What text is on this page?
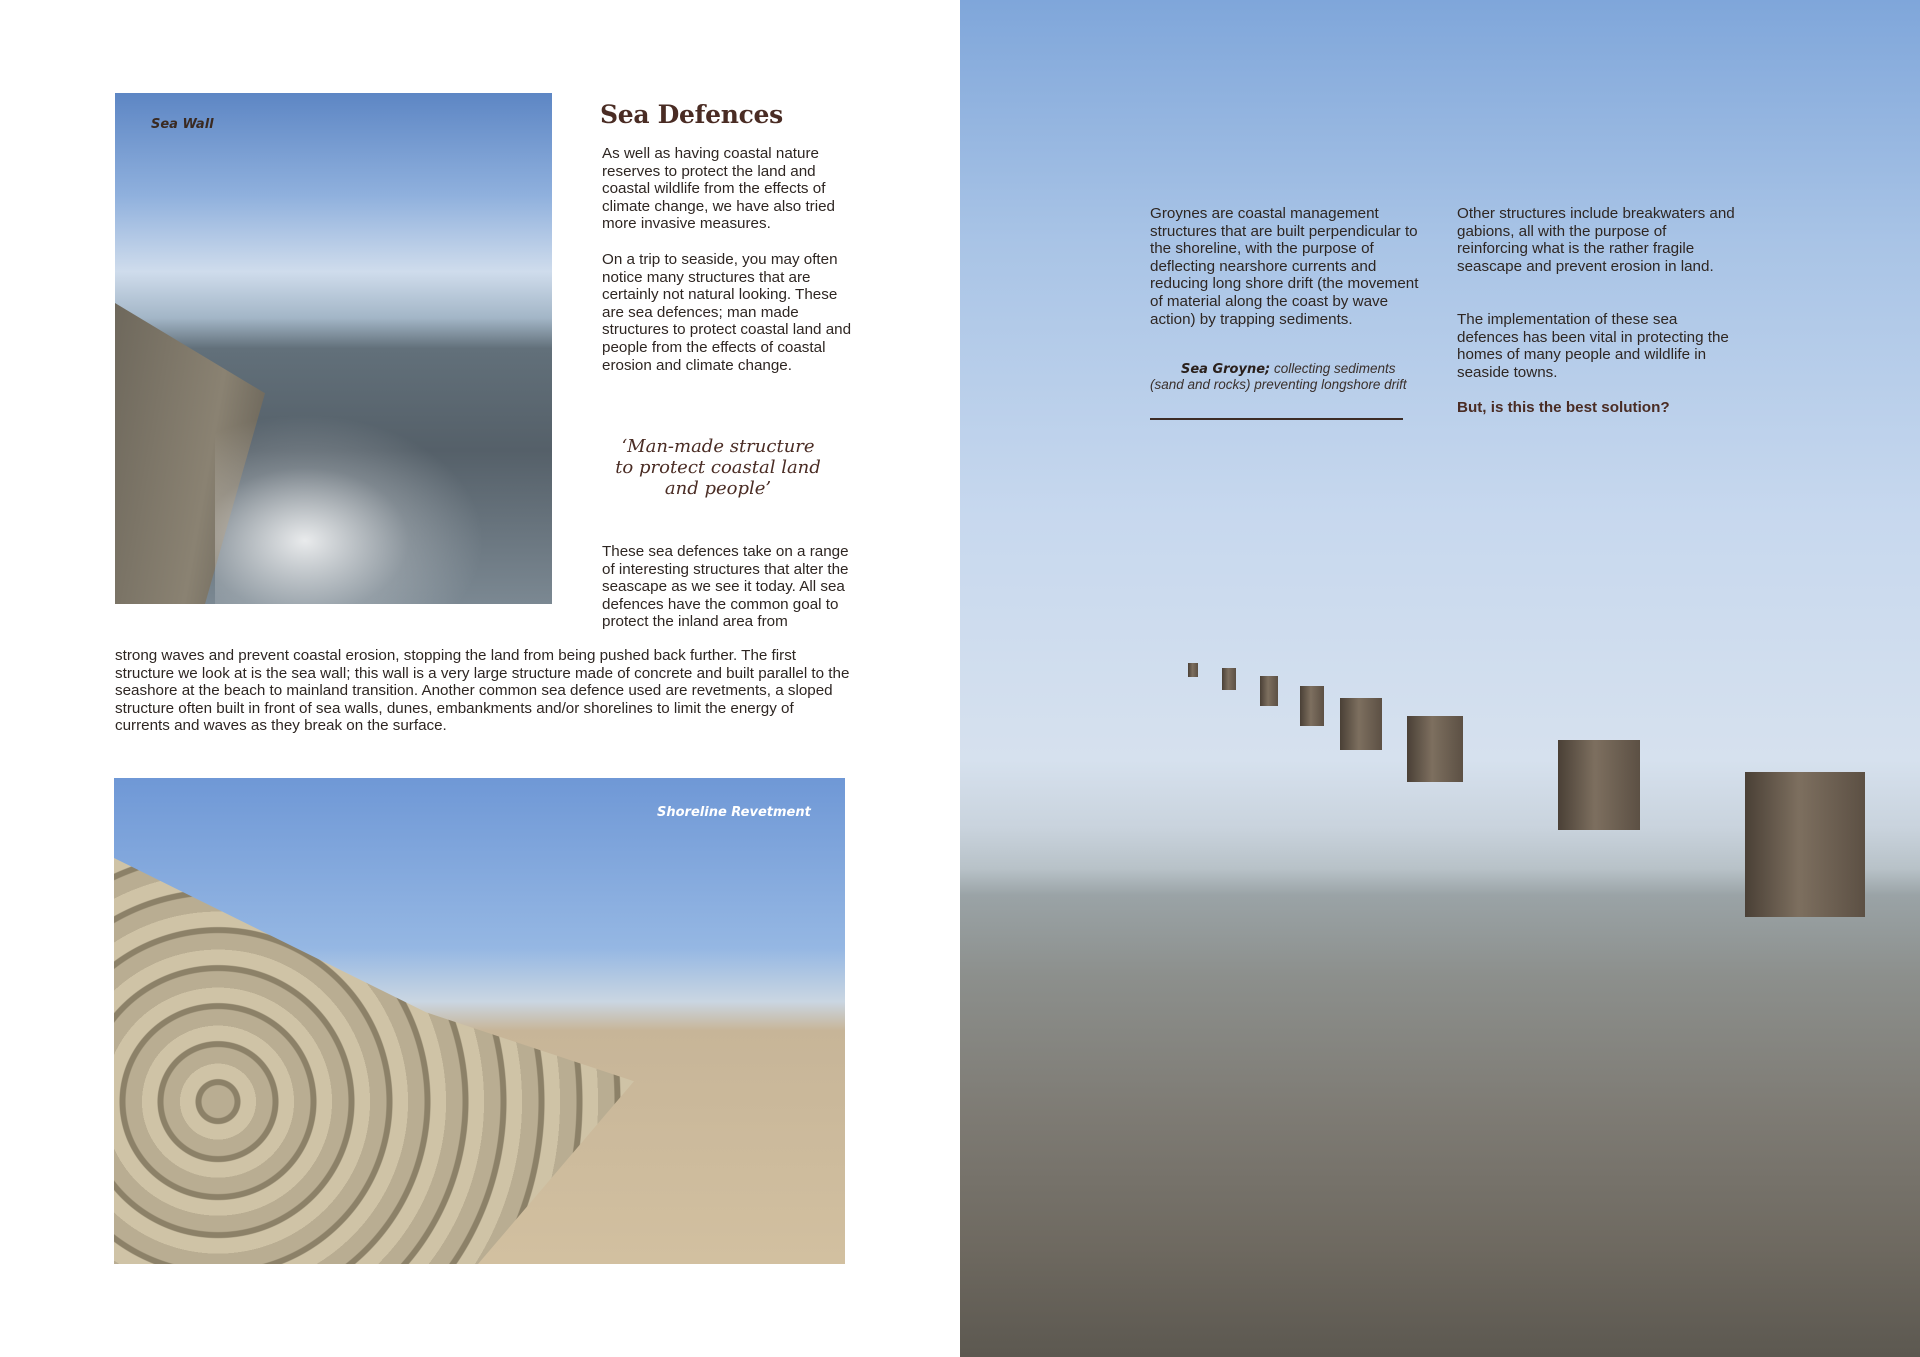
Sea Wall	Sea Defences

As well as having coastal nature reserves to protect the land and coastal wildlife from the effects of climate change, we have also tried more invasive measures.

On a trip to seaside, you may often notice many structures that are certainly not natural looking. These are sea defences; man made structures to protect coastal land and people from the effects of coastal erosion and climate change.

‘Man-made structure to protect coastal land and people’

These sea defences take on a range of interesting structures that alter the seascape as we see it today. All sea defences have the common goal to protect the inland area from

strong waves and prevent coastal erosion, stopping the land from being pushed back further. The first structure we look at is the sea wall; this wall is a very large structure made of concrete and built parallel to the seashore at the beach to mainland transition. Another common sea defence used are revetments, a sloped structure often built in front of sea walls, dunes, embankments and/or shorelines to limit the energy of currents and waves as they break on the surface.

Shoreline Revetment

Groynes are coastal management structures that are built perpendicular to the shoreline, with the purpose of deflecting nearshore currents and reducing long shore drift (the movement of material along the coast by wave action) by trapping sediments.

Sea Groyne; collecting sediments (sand and rocks) preventing longshore drift

Other structures include breakwaters and gabions, all with the purpose of reinforcing what is the rather fragile seascape and prevent erosion in land.

The implementation of these sea defences has been vital in protecting the homes of many people and wildlife in seaside towns.

But, is this the best solution?
